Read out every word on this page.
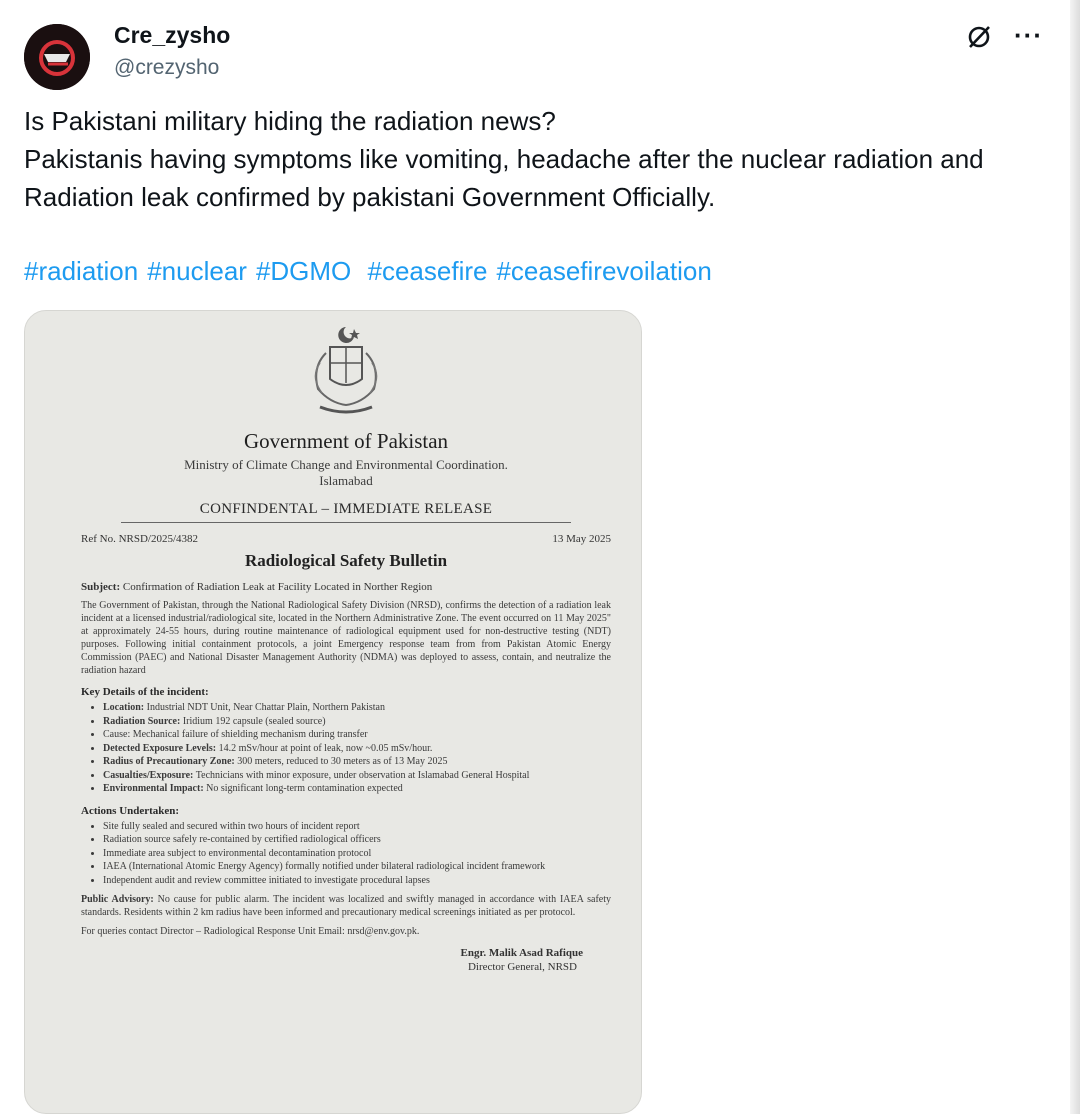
Cre_zysho
@crezysho
···

Is Pakistani military hiding the radiation news?

Pakistanis having symptoms like vomiting, headache after the nuclear radiation and Radiation leak confirmed by pakistani Government Officially.

#radiation #nuclear #DGMO #ceasefire #ceasefirevoilation
Government of Pakistan
Ministry of Climate Change and Environmental Coordination.
Islamabad
CONFINDENTAL – IMMEDIATE RELEASE
Ref No. NRSD/2025/4382	13 May 2025
Radiological Safety Bulletin
Subject: Confirmation of Radiation Leak at Facility Located in Norther Region
The Government of Pakistan, through the National Radiological Safety Division (NRSD), confirms the detection of a radiation leak incident at a licensed industrial/radiological site, located in the Northern Administrative Zone. The event occurred on 11 May 2025" at approximately 24-55 hours, during routine maintenance of radiological equipment used for non-destructive testing (NDT) purposes. Following initial containment protocols, a joint Emergency response team from from Pakistan Atomic Energy Commission (PAEC) and National Disaster Management Authority (NDMA) was deployed to assess, contain, and neutralize the radiation hazard
Key Details of the incident:
• Location: Industrial NDT Unit, Near Chattar Plain, Northern Pakistan
• Radiation Source: Iridium 192 capsule (sealed source)
• Cause: Mechanical failure of shielding mechanism during transfer
• Detected Exposure Levels: 14.2 mSv/hour at point of leak, now ~0.05 mSv/hour.
• Radius of Precautionary Zone: 300 meters, reduced to 30 meters as of 13 May 2025
• Casualties/Exposure: Technicians with minor exposure, under observation at Islamabad General Hospital
• Environmental Impact: No significant long-term contamination expected
Actions Undertaken:
• Site fully sealed and secured within two hours of incident report
• Radiation source safely re-contained by certified radiological officers
• Immediate area subject to environmental decontamination protocol
• IAEA (International Atomic Energy Agency) formally notified under bilateral radiological incident framework
• Independent audit and review committee initiated to investigate procedural lapses
Public Advisory: No cause for public alarm. The incident was localized and swiftly managed in accordance with IAEA safety standards. Residents within 2 km radius have been informed and precautionary medical screenings initiated as per protocol.
For queries contact Director – Radiological Response Unit Email: nrsd@env.gov.pk.
Engr. Malik Asad Rafique
Director General, NRSD
